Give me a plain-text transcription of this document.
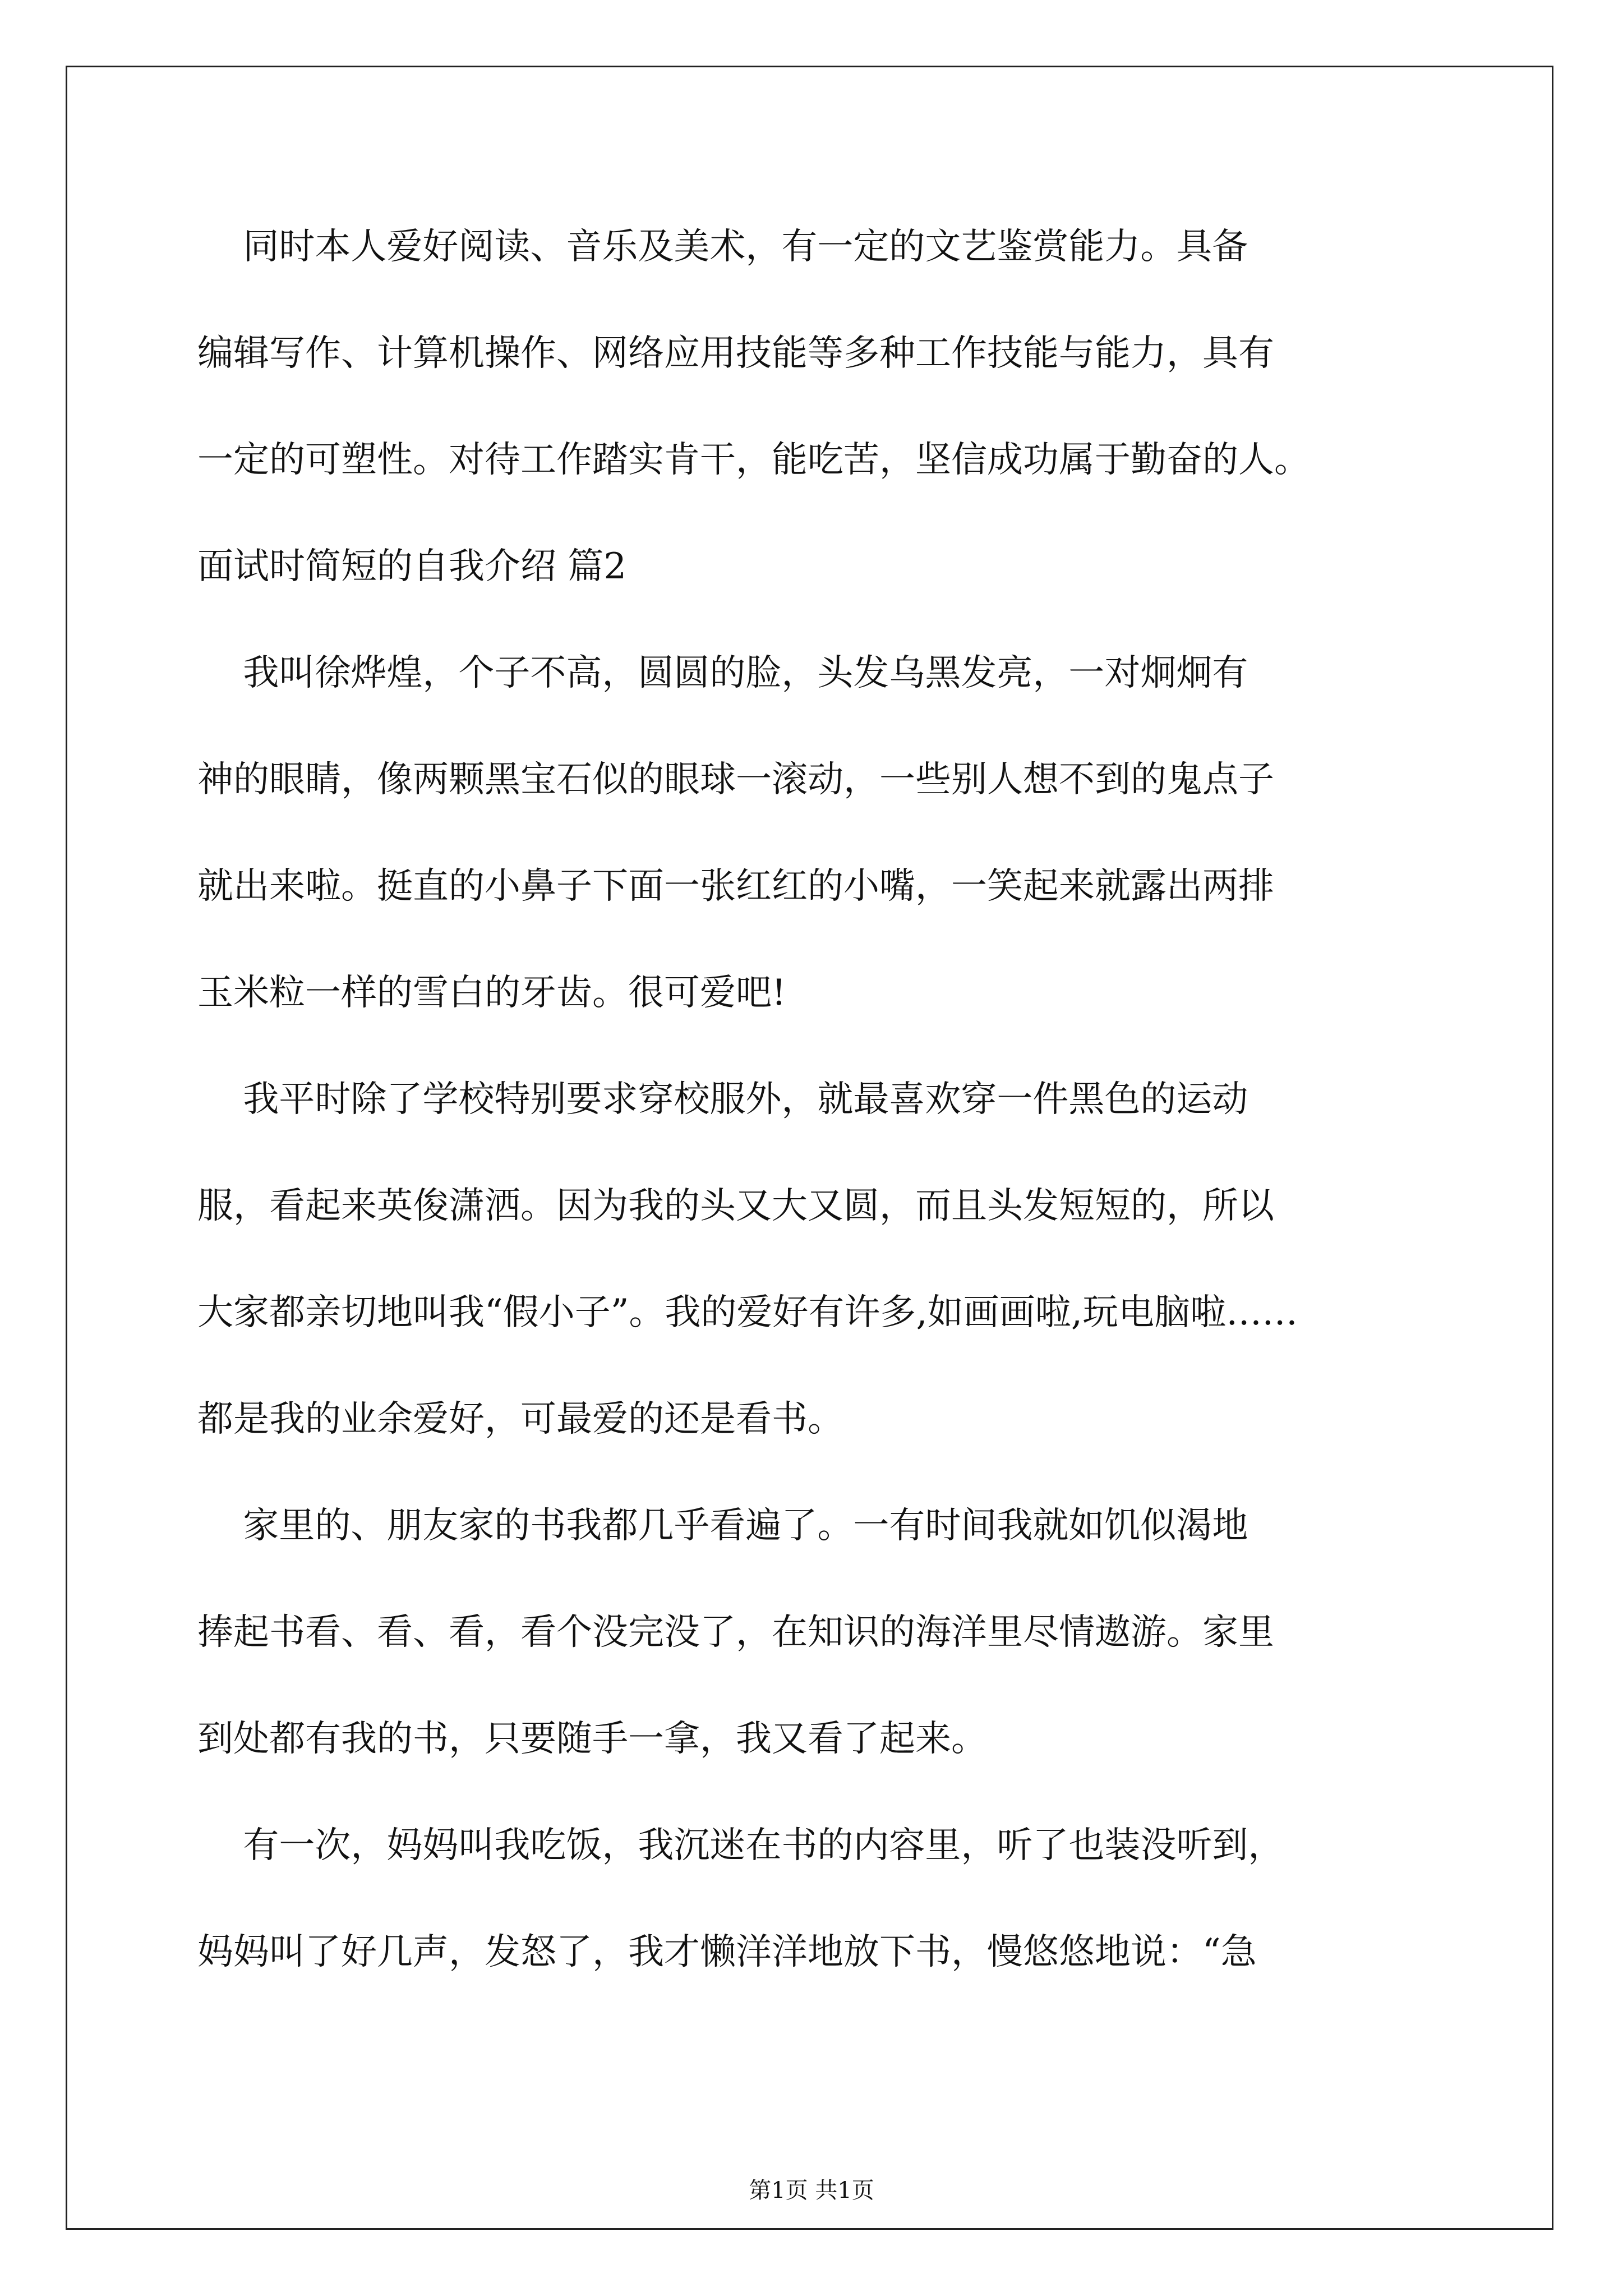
同时本人爱好阅读、音乐及美术，有一定的文艺鉴赏能力。具备
编辑写作、计算机操作、网络应用技能等多种工作技能与能力，具有
一定的可塑性。对待工作踏实肯干，能吃苦，坚信成功属于勤奋的人。
面试时简短的自我介绍 篇2
我叫徐烨煌，个子不高，圆圆的脸，头发乌黑发亮，一对炯炯有
神的眼睛，像两颗黑宝石似的眼球一滚动，一些别人想不到的鬼点子
就出来啦。挺直的小鼻子下面一张红红的小嘴，一笑起来就露出两排
玉米粒一样的雪白的牙齿。很可爱吧!
我平时除了学校特别要求穿校服外，就最喜欢穿一件黑色的运动
服，看起来英俊潇洒。因为我的头又大又圆，而且头发短短的，所以
大家都亲切地叫我“假小子”。我的爱好有许多,如画画啦,玩电脑啦……
都是我的业余爱好，可最爱的还是看书。
家里的、朋友家的书我都几乎看遍了。一有时间我就如饥似渴地
捧起书看、看、看，看个没完没了，在知识的海洋里尽情遨游。家里
到处都有我的书，只要随手一拿，我又看了起来。
有一次，妈妈叫我吃饭，我沉迷在书的内容里，听了也装没听到，
妈妈叫了好几声，发怒了，我才懒洋洋地放下书，慢悠悠地说：“急
第1页 共1页
